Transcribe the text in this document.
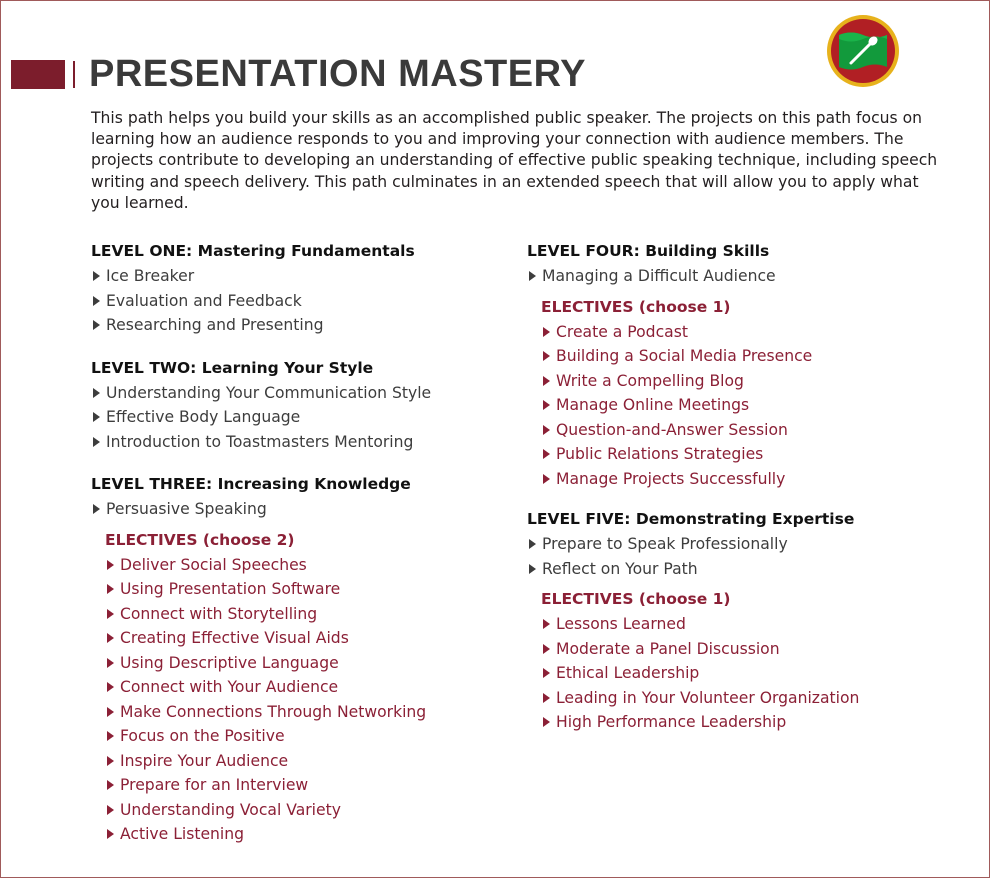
PRESENTATION MASTERY

This path helps you build your skills as an accomplished public speaker. The projects on this path focus on learning how an audience responds to you and improving your connection with audience members. The projects contribute to developing an understanding of effective public speaking technique, including speech writing and speech delivery. This path culminates in an extended speech that will allow you to apply what you learned.

LEVEL ONE: Mastering Fundamentals
Ice Breaker
Evaluation and Feedback
Researching and Presenting
LEVEL TWO: Learning Your Style
Understanding Your Communication Style
Effective Body Language
Introduction to Toastmasters Mentoring
LEVEL THREE: Increasing Knowledge
Persuasive Speaking
ELECTIVES (choose 2)
Deliver Social Speeches
Using Presentation Software
Connect with Storytelling
Creating Effective Visual Aids
Using Descriptive Language
Connect with Your Audience
Make Connections Through Networking
Focus on the Positive
Inspire Your Audience
Prepare for an Interview
Understanding Vocal Variety
Active Listening
LEVEL FOUR: Building Skills
Managing a Difficult Audience
ELECTIVES (choose 1)
Create a Podcast
Building a Social Media Presence
Write a Compelling Blog
Manage Online Meetings
Question-and-Answer Session
Public Relations Strategies
Manage Projects Successfully
LEVEL FIVE: Demonstrating Expertise
Prepare to Speak Professionally
Reflect on Your Path
ELECTIVES (choose 1)
Lessons Learned
Moderate a Panel Discussion
Ethical Leadership
Leading in Your Volunteer Organization
High Performance Leadership
